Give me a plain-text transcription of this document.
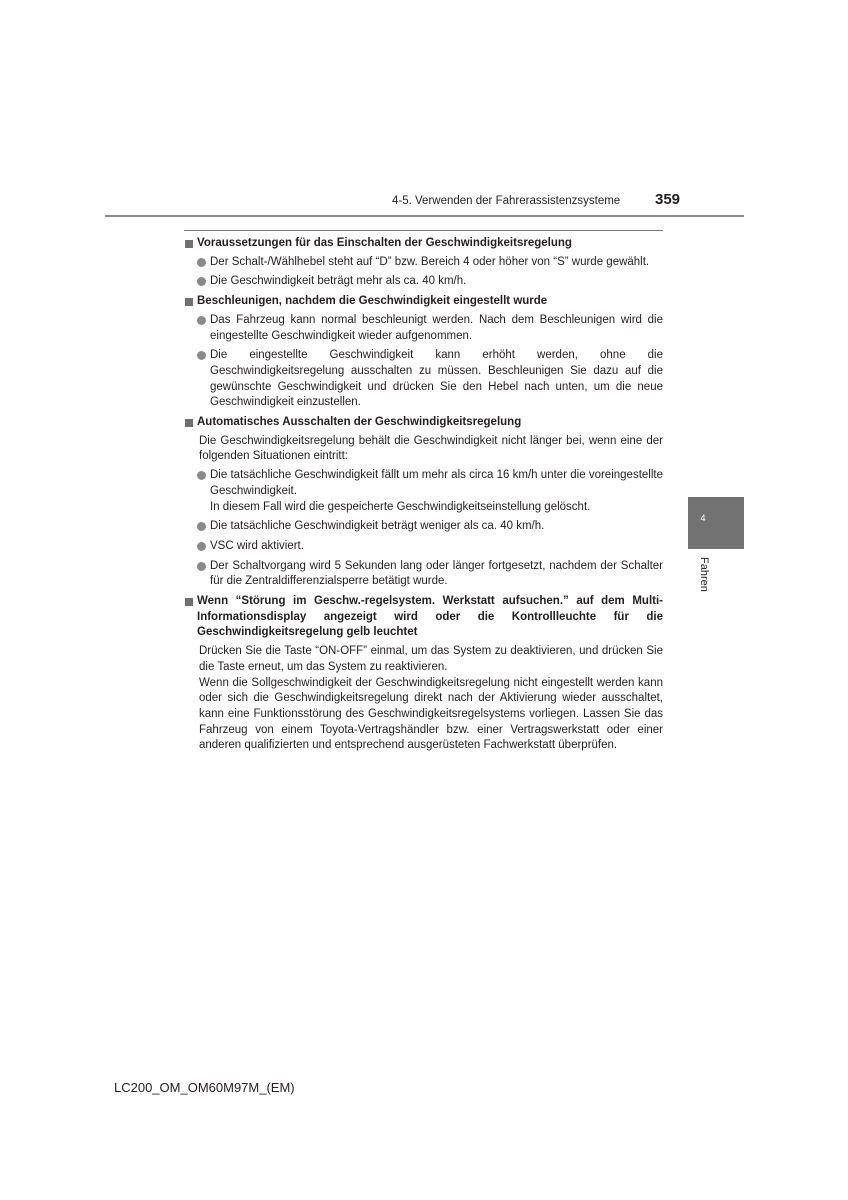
4-5. Verwenden der Fahrerassistenzsysteme 359
Voraussetzungen für das Einschalten der Geschwindigkeitsregelung
Der Schalt-/Wählhebel steht auf “D” bzw. Bereich 4 oder höher von “S” wurde gewählt.
Die Geschwindigkeit beträgt mehr als ca. 40 km/h.
Beschleunigen, nachdem die Geschwindigkeit eingestellt wurde
Das Fahrzeug kann normal beschleunigt werden. Nach dem Beschleunigen wird die eingestellte Geschwindigkeit wieder aufgenommen.
Die eingestellte Geschwindigkeit kann erhöht werden, ohne die Geschwindigkeitsregelung ausschalten zu müssen. Beschleunigen Sie dazu auf die gewünschte Geschwindigkeit und drücken Sie den Hebel nach unten, um die neue Geschwindigkeit einzustellen.
Automatisches Ausschalten der Geschwindigkeitsregelung
Die Geschwindigkeitsregelung behält die Geschwindigkeit nicht länger bei, wenn eine der folgenden Situationen eintritt:
Die tatsächliche Geschwindigkeit fällt um mehr als circa 16 km/h unter die voreingestellte Geschwindigkeit.
In diesem Fall wird die gespeicherte Geschwindigkeitseinstellung gelöscht.
Die tatsächliche Geschwindigkeit beträgt weniger als ca. 40 km/h.
VSC wird aktiviert.
Der Schaltvorgang wird 5 Sekunden lang oder länger fortgesetzt, nachdem der Schalter für die Zentraldifferenzialsperre betätigt wurde.
Wenn “Störung im Geschw.-regelsystem. Werkstatt aufsuchen.” auf dem Multi-Informationsdisplay angezeigt wird oder die Kontrollleuchte für die Geschwindigkeitsregelung gelb leuchtet
Drücken Sie die Taste “ON-OFF” einmal, um das System zu deaktivieren, und drücken Sie die Taste erneut, um das System zu reaktivieren.
Wenn die Sollgeschwindigkeit der Geschwindigkeitsregelung nicht eingestellt werden kann oder sich die Geschwindigkeitsregelung direkt nach der Aktivierung wieder ausschaltet, kann eine Funktionsstörung des Geschwindigkeitsregelsystems vorliegen. Lassen Sie das Fahrzeug von einem Toyota-Vertragshändler bzw. einer Vertragswerkstatt oder einer anderen qualifizierten und entsprechend ausgerüsteten Fachwerkstatt überprüfen.
4
Fahren
LC200_OM_OM60M97M_(EM)
